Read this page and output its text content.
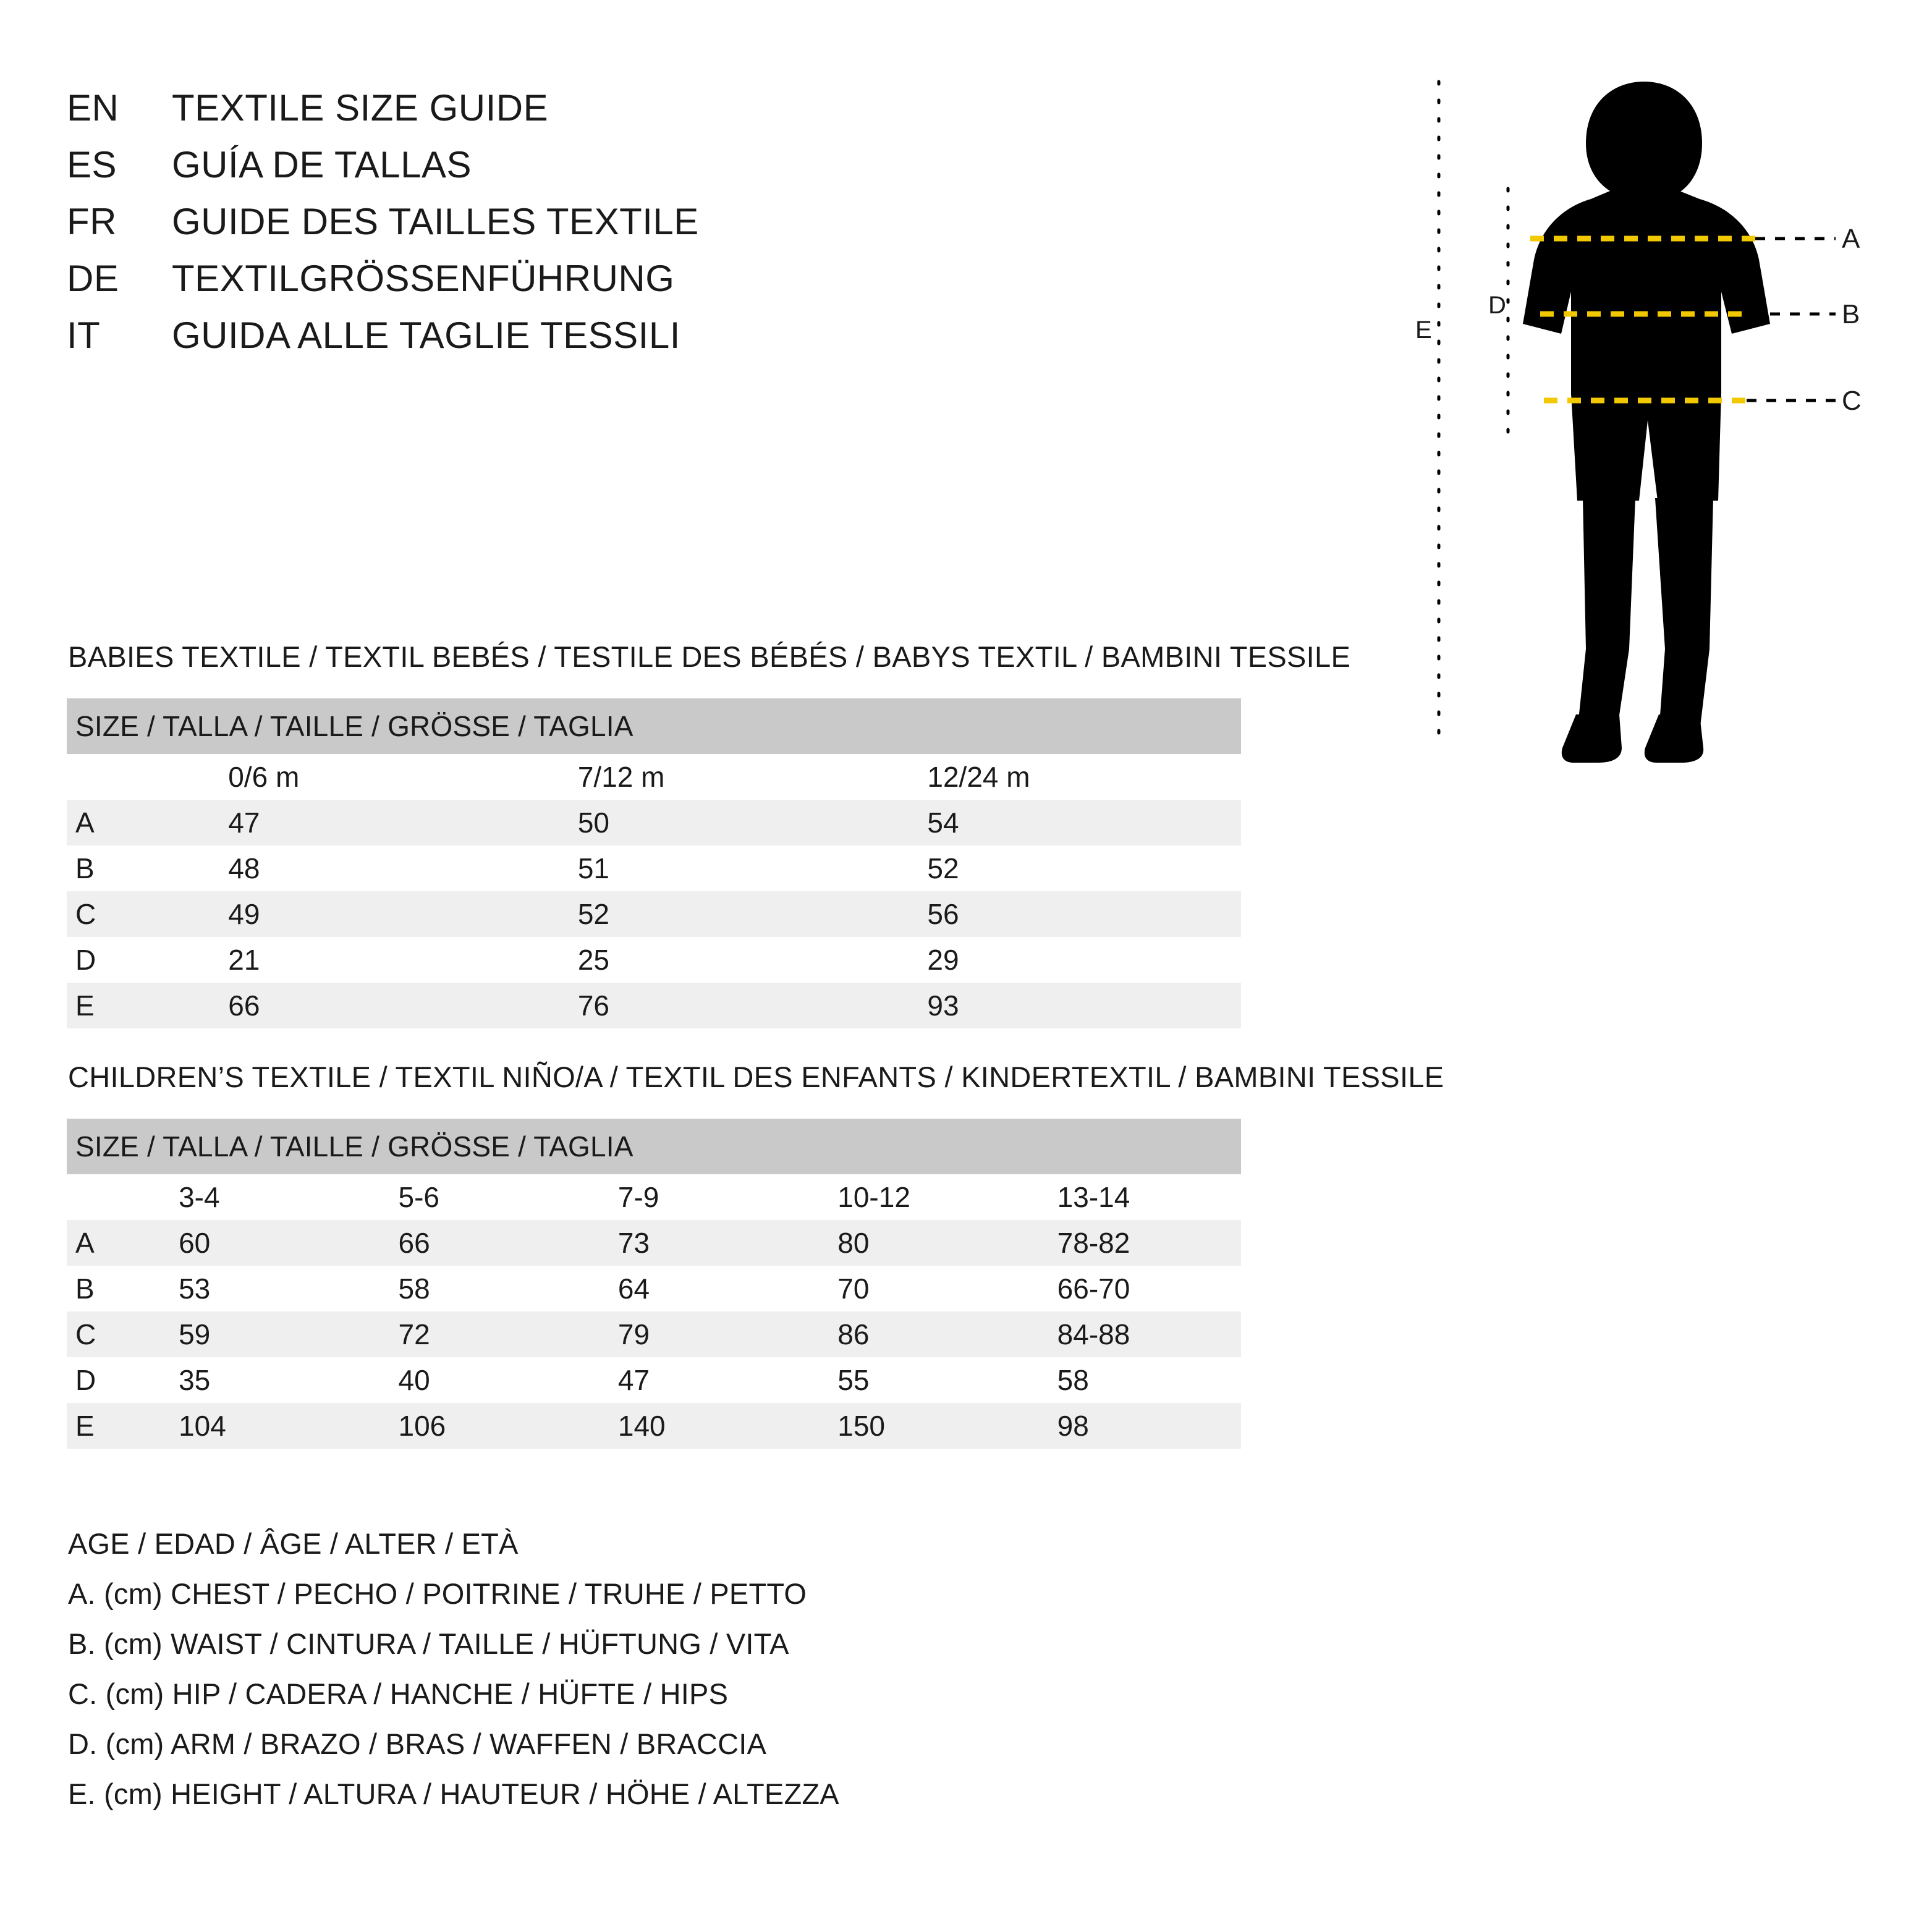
EN	TEXTILE SIZE GUIDE
ES	GUÍA DE TALLAS
FR	GUIDE DES TAILLES TEXTILE
DE	TEXTILGRÖSSENFÜHRUNG
IT	GUIDA ALLE TAGLIE TESSILI
A
B
C
D
E
BABIES TEXTILE / TEXTIL BEBÉS / TESTILE DES BÉBÉS / BABYS TEXTIL / BAMBINI TESSILE
SIZE / TALLA / TAILLE / GRÖSSE / TAGLIA			

	0/6 m	7/12 m	12/24 m

A	47	50	54

B	48	51	52

C	49	52	56

D	21	25	29

E	66	76	93
CHILDREN’S TEXTILE / TEXTIL NIÑO/A / TEXTIL DES ENFANTS / KINDERTEXTIL / BAMBINI TESSILE
SIZE / TALLA / TAILLE / GRÖSSE / TAGLIA					

	3-4	5-6	7-9	10-12	13-14

A	60	66	73	80	78-82

B	53	58	64	70	66-70

C	59	72	79	86	84-88

D	35	40	47	55	58

E	104	106	140	150	98
AGE / EDAD / ÂGE / ALTER / ETÀ
A. (cm) CHEST / PECHO / POITRINE / TRUHE / PETTO
B. (cm) WAIST / CINTURA / TAILLE / HÜFTUNG / VITA
C. (cm) HIP / CADERA / HANCHE / HÜFTE / HIPS
D. (cm) ARM / BRAZO / BRAS / WAFFEN / BRACCIA
E. (cm) HEIGHT / ALTURA / HAUTEUR / HÖHE / ALTEZZA
